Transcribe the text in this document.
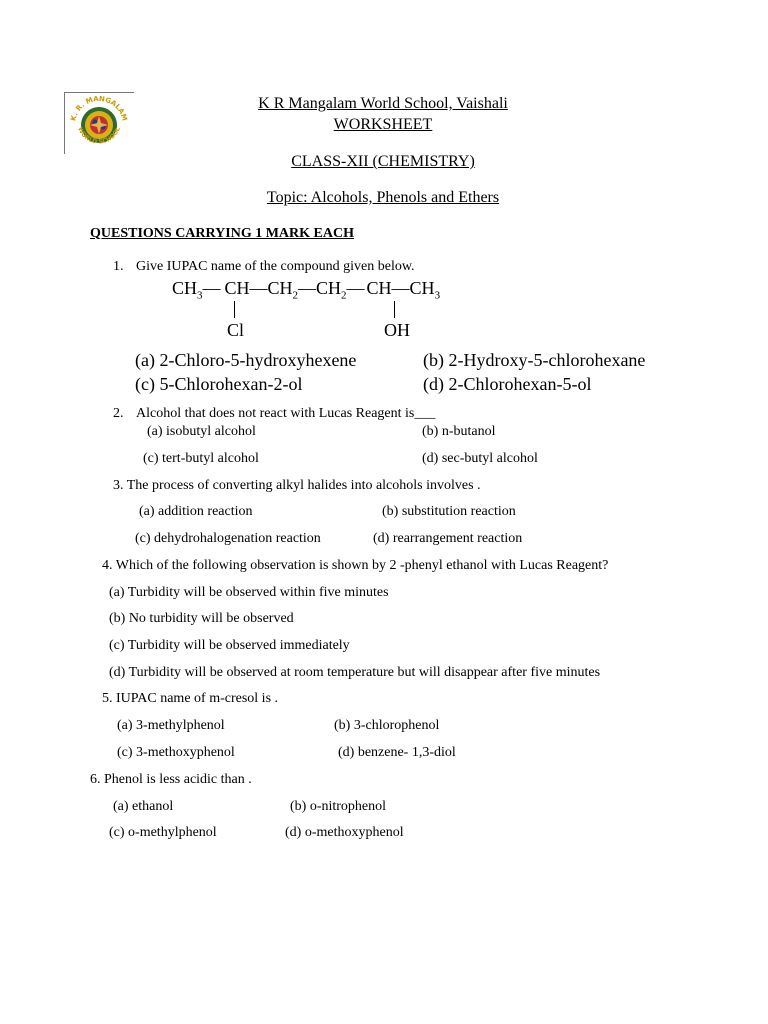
K. R. MANGALAM
WORLD SCHOOL
K R Mangalam World School, Vaishali
WORKSHEET
CLASS-XII (CHEMISTRY)
Topic: Alcohols, Phenols and Ethers
QUESTIONS CARRYING 1 MARK EACH
1. Give IUPAC name of the compound given below.
$CH_3—$ $CH—CH_2—CH_2—$ $CH—CH_3$
Cl	OH
(a) 2-Chloro-5-hydroxyhexene	(b) 2-Hydroxy-5-chlorohexane
(c) 5-Chlorohexan-2-ol	(d) 2-Chlorohexan-5-ol
2. Alcohol that does not react with Lucas Reagent is___
(a) isobutyl alcohol	(b) n-butanol
(c) tert-butyl alcohol	(d) sec-butyl alcohol
3. The process of converting alkyl halides into alcohols involves .
(a) addition reaction	(b) substitution reaction
(c) dehydrohalogenation reaction	(d) rearrangement reaction
4. Which of the following observation is shown by 2 -phenyl ethanol with Lucas Reagent?
(a) Turbidity will be observed within five minutes
(b) No turbidity will be observed
(c) Turbidity will be observed immediately
(d) Turbidity will be observed at room temperature but will disappear after five minutes
5. IUPAC name of m-cresol is .
(a) 3-methylphenol	(b) 3-chlorophenol
(c) 3-methoxyphenol	(d) benzene- 1,3-diol
6. Phenol is less acidic than .
(a) ethanol	(b) o-nitrophenol
(c) o-methylphenol	(d) o-methoxyphenol
